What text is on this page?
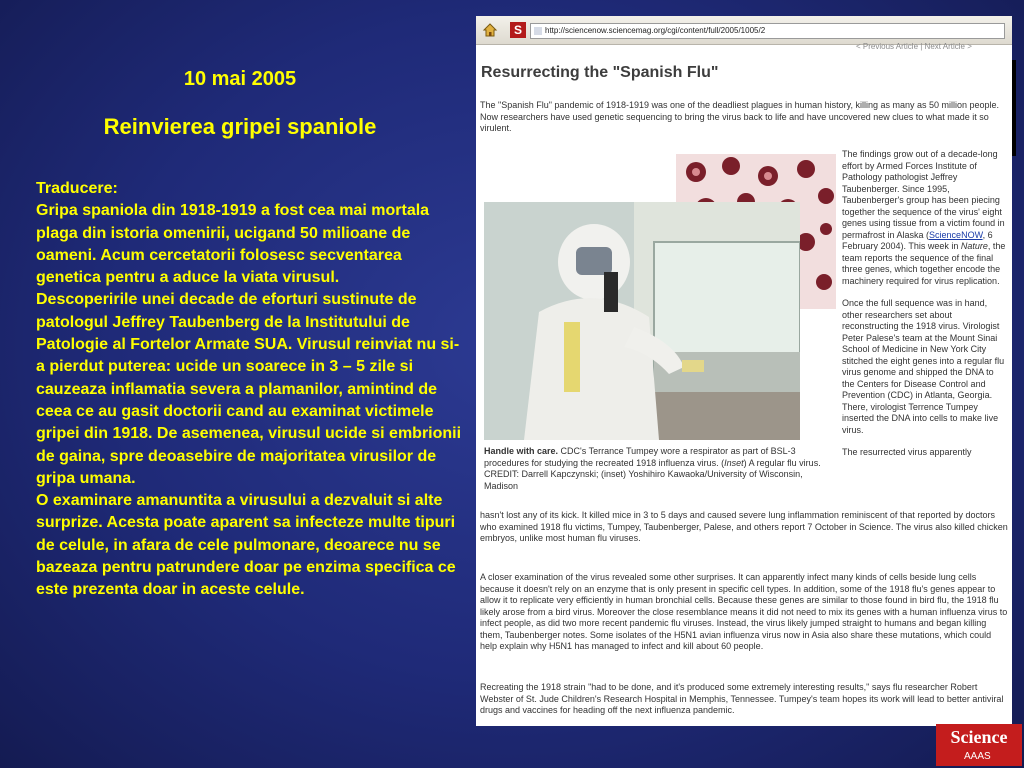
10 mai 2005
Reinvierea gripei spaniole

Traducere:

Gripa spaniola din 1918-1919 a fost cea mai mortala plaga din istoria omenirii, ucigand 50 milioane de oameni. Acum cercetatorii folosesc secventarea genetica pentru a aduce la viata virusul.

Descoperirile unei decade de eforturi sustinute de patologul Jeffrey Taubenberg de la Institutului de Patologie al Fortelor Armate SUA. Virusul reinviat nu si-a pierdut puterea: ucide un soarece in 3 – 5 zile si cauzeaza inflamatia severa a plamanilor, amintind de ceea ce au gasit doctorii cand au examinat victimele gripei din 1918. De asemenea, virusul ucide si embrionii de gaina, spre deoasebire de majoritatea virusilor de gripa umana.

O examinare amanuntita a virusului a dezvaluit si alte surprize. Acesta poate aparent sa infecteze multe tipuri de celule, in afara de cele pulmonare, deoarece nu se bazeaza pentru patrundere doar pe enzima specifica ce este prezenta doar in aceste celule.

S	http://sciencenow.sciencemag.org/cgi/content/full/2005/1005/2
< Previous Article | Next Article >
Resurrecting the "Spanish Flu"
The "Spanish Flu" pandemic of 1918-1919 was one of the deadliest plagues in human history, killing as many as 50 million people. Now researchers have used genetic sequencing to bring the virus back to life and have uncovered new clues to what made it so virulent.

The findings grow out of a decade-long effort by Armed Forces Institute of Pathology pathologist Jeffrey Taubenberger. Since 1995, Taubenberger's group has been piecing together the sequence of the virus' eight genes using tissue from a victim found in permafrost in Alaska (ScienceNOW, 6 February 2004). This week in Nature, the team reports the sequence of the final three genes, which together encode the machinery required for virus replication.

Once the full sequence was in hand, other researchers set about reconstructing the 1918 virus. Virologist Peter Palese's team at the Mount Sinai School of Medicine in New York City stitched the eight genes into a regular flu virus genome and shipped the DNA to the Centers for Disease Control and Prevention (CDC) in Atlanta, Georgia. There, virologist Terrence Tumpey inserted the DNA into cells to make live virus.

The resurrected virus apparently

Handle with care. CDC's Terrance Tumpey wore a respirator as part of BSL-3 procedures for studying the recreated 1918 influenza virus. (Inset) A regular flu virus.
CREDIT: Darrell Kapczynski; (inset) Yoshihiro Kawaoka/University of Wisconsin, Madison
hasn't lost any of its kick. It killed mice in 3 to 5 days and caused severe lung inflammation reminiscent of that reported by doctors who examined 1918 flu victims, Tumpey, Taubenberger, Palese, and others report 7 October in Science. The virus also killed chicken embryos, unlike most human flu viruses.
A closer examination of the virus revealed some other surprises. It can apparently infect many kinds of cells beside lung cells because it doesn't rely on an enzyme that is only present in specific cell types. In addition, some of the 1918 flu's genes appear to allow it to replicate very efficiently in human bronchial cells. Because these genes are similar to those found in bird flu, the 1918 flu likely arose from a bird virus. Moreover the close resemblance means it did not need to mix its genes with a human influenza virus to infect people, as did two more recent pandemic flu viruses. Instead, the virus likely jumped straight to humans and began killing them, Taubenberger notes. Some isolates of the H5N1 avian influenza virus now in Asia also share these mutations, which could help explain why H5N1 has managed to infect and kill about 60 people.
Recreating the 1918 strain "had to be done, and it's produced some extremely interesting results," says flu researcher Robert Webster of St. Jude Children's Research Hospital in Memphis, Tennessee. Tumpey's team hopes its work will lead to better antiviral drugs and vaccines for heading off the next influenza pandemic.
Science
AAAS
